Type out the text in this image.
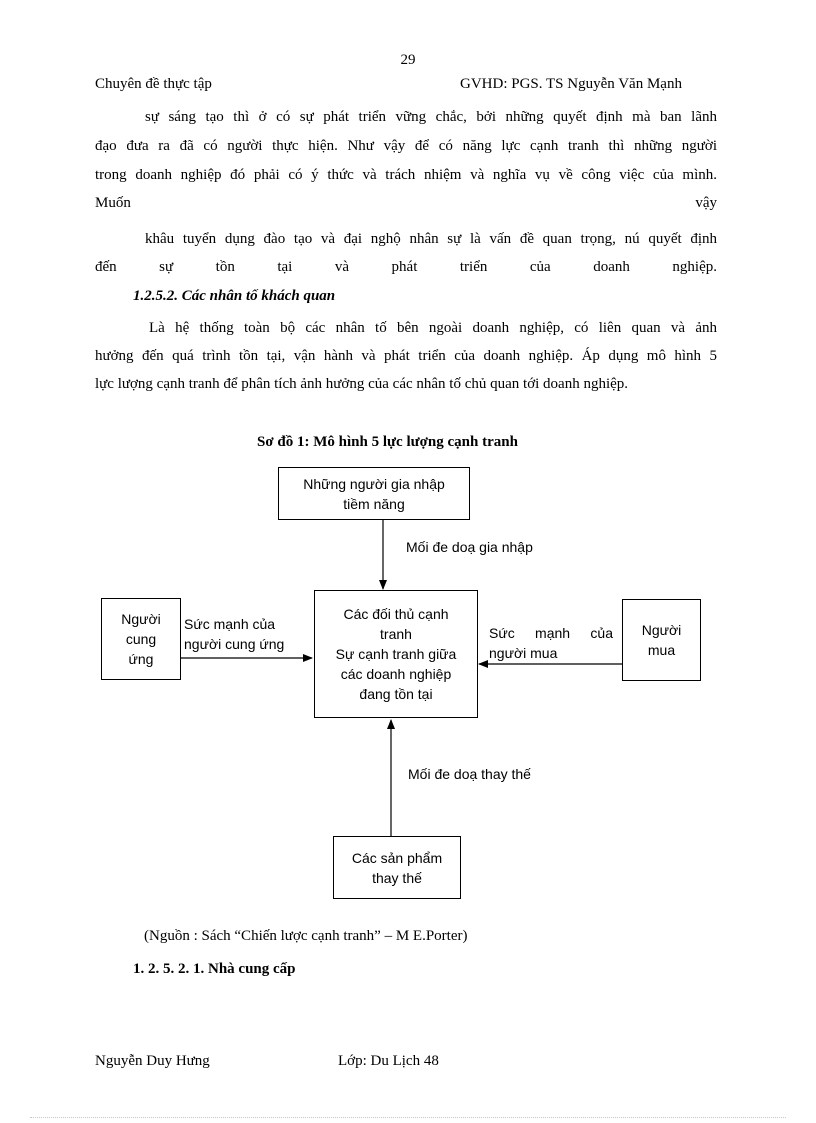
29
Chuyên đề thực tập	GVHD: PGS. TS Nguyễn Văn Mạnh
sự sáng tạo thì ở có sự phát triển vững chắc, bởi những quyết định mà ban lãnh
đạo đưa ra đã có người thực hiện. Như vậy để có năng lực cạnh tranh thì những người
trong doanh nghiệp đó phải có ý thức và trách nhiệm và nghĩa vụ về công việc của mình.
Muốn	vậy
khâu tuyển dụng đào tạo và đại nghộ nhân sự là vấn đề quan trọng, nú quyết định
đến sự tồn tại và phát triển của doanh nghiệp.
1.2.5.2. Các nhân tố khách quan
Là hệ thống toàn bộ các nhân tố bên ngoài doanh nghiệp, có liên quan và ảnh
hưởng đến quá trình tồn tại, vận hành và phát triển của doanh nghiệp. Áp dụng mô hình 5
lực lượng cạnh tranh để phân tích ảnh hưởng của các nhân tố chủ quan tới doanh nghiệp.
Sơ đồ 1: Mô hình 5 lực lượng cạnh tranh
Những người gia nhập tiềm năng
Mối đe doạ gia nhập
Người cung ứng
Sức mạnh của người cung ứng
Các đối thủ cạnh tranh
Sự cạnh tranh giữa các doanh nghiệp đang tồn tại
Người mua
Sức mạnh của người mua
Mối đe doạ thay thế
Các sản phẩm thay thế
(Nguồn : Sách “Chiến lược cạnh tranh” – M E.Porter)
1. 2. 5. 2. 1. Nhà cung cấp
Nguyễn Duy Hưng	Lớp: Du Lịch 48
